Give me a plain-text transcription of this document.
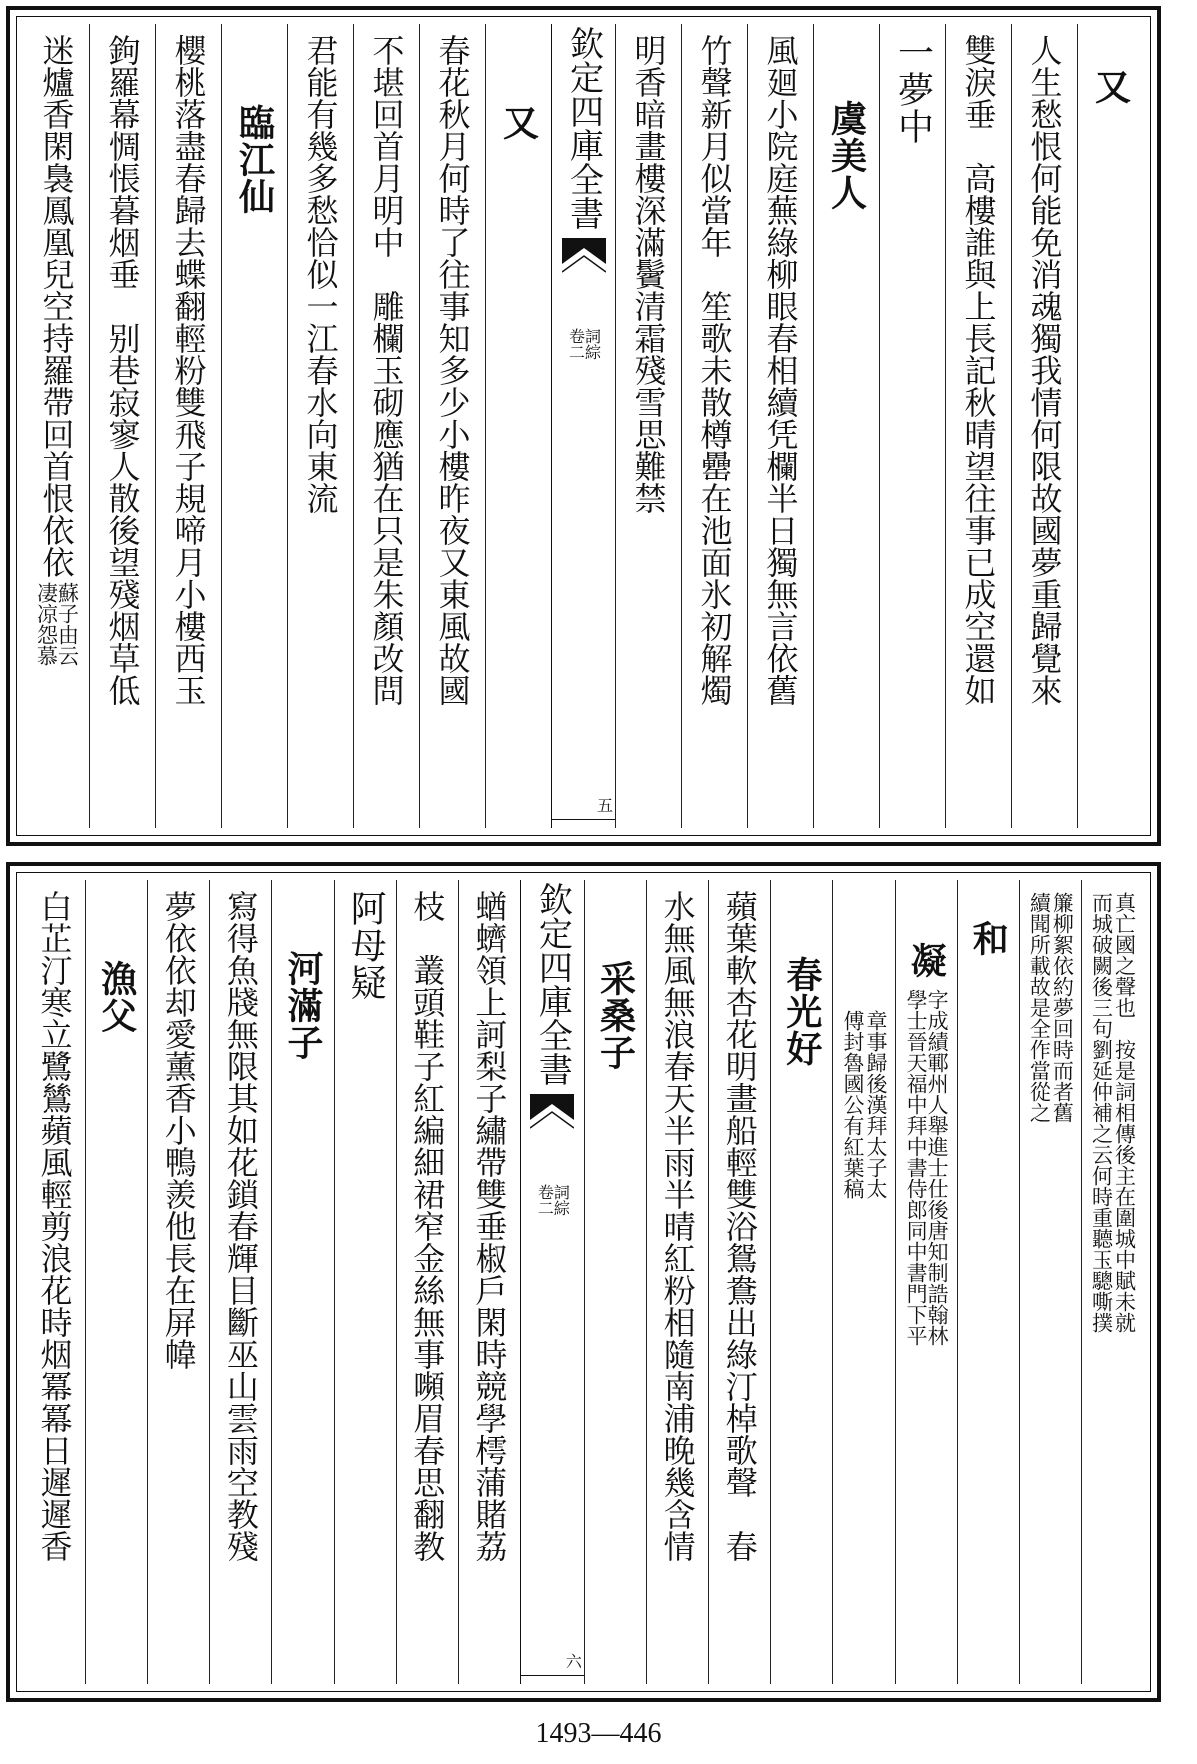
又
人生愁恨何能免消魂獨我情何限故國夢重歸覺來
雙淚垂　高樓誰與上長記秋晴望往事已成空還如
一夢中
虞美人
風廻小院庭蕪綠柳眼春相續凭欄半日獨無言依舊
竹聲新月似當年　笙歌未散樽罍在池面氷初解燭
明香暗畫樓深滿鬢清霜殘雪思難禁
欽定四庫全書
詞綜
卷二
五
又
春花秋月何時了往事知多少小樓昨夜又東風故國
不堪回首月明中　雕欄玉砌應猶在只是朱顏改問
君能有幾多愁恰似一江春水向東流
臨江仙
櫻桃落盡春歸去蝶翻輕粉雙飛子規啼月小樓西玉
鉤羅幕惆悵暮烟垂　别巷寂寥人散後望殘烟草低
迷爐香閑裊鳳凰兒空持羅帶回首恨依依
蘇子由云
凄凉怨慕
真亡國之聲也　按是詞相傳後主在圍城中賦未就
而城破闕後三句劉延仲補之云何時重聽玉驄嘶撲
簾柳絮依約夢回時而者舊
續聞所載故是全作當從之
和
凝
字成績鄆州人舉進士仕後唐知制誥翰林
學士晉天福中拜中書侍郎同中書門下平
章事歸後漢拜太子太
傅封魯國公有紅葉稿
春光好
蘋葉軟杏花明畫船輕雙浴鴛鴦出綠汀棹歌聲　春
水無風無浪春天半雨半晴紅粉相隨南浦晚幾含情
采桑子
欽定四庫全書
詞綜
卷二
六
蝤蠐領上訶梨子繡帶雙垂椒戶閑時競學樗蒲賭荔
枝　叢頭鞋子紅編細裙窄金絲無事嚬眉春思翻教
阿母疑
河滿子
寫得魚牋無限其如花鎖春輝目斷巫山雲雨空教殘
夢依依却愛薰香小鴨羨他長在屏幃
漁父
白芷汀寒立鷺鷥蘋風輕剪浪花時烟冪冪日遲遲香
1493—446
